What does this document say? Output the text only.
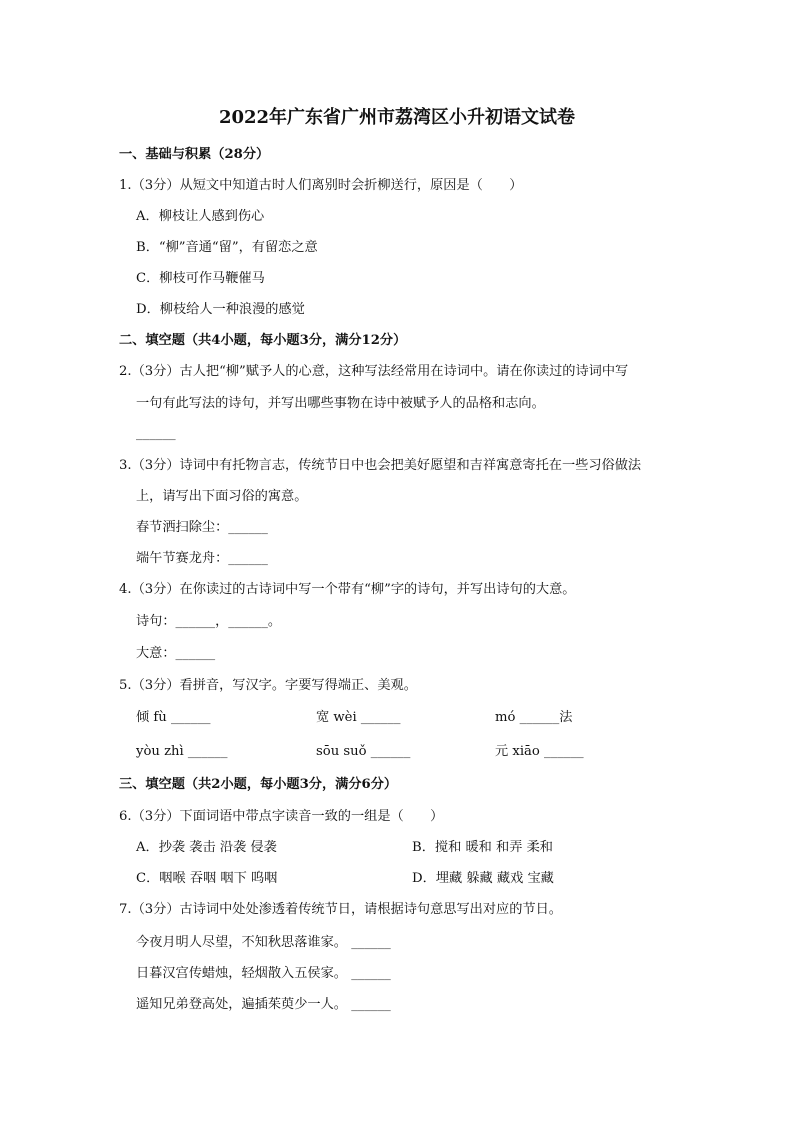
2022年广东省广州市荔湾区小升初语文试卷
一、基础与积累（28分）
1.（3分）从短文中知道古时人们离别时会折柳送行，原因是（　　）
A．柳枝让人感到伤心
B．“柳”音通“留”，有留恋之意
C．柳枝可作马鞭催马
D．柳枝给人一种浪漫的感觉
二、填空题（共4小题，每小题3分，满分12分）
2.（3分）古人把“柳”赋予人的心意，这种写法经常用在诗词中。请在你读过的诗词中写
一句有此写法的诗句，并写出哪些事物在诗中被赋予人的品格和志向。
______
3.（3分）诗词中有托物言志，传统节日中也会把美好愿望和吉祥寓意寄托在一些习俗做法
上，请写出下面习俗的寓意。
春节洒扫除尘：______
端午节赛龙舟：______
4.（3分）在你读过的古诗词中写一个带有“柳”字的诗句，并写出诗句的大意。
诗句：______，______。
大意：______
5.（3分）看拼音，写汉字。字要写得端正、美观。
倾 fù ______	宽 wèi ______	mó ______法
yòu zhì ______	sōu suǒ ______	元 xiāo ______
三、填空题（共2小题，每小题3分，满分6分）
6.（3分）下面词语中带点字读音一致的一组是（　　）
A．抄袭 袭击 沿袭 侵袭	B．搅和 暖和 和弄 柔和
C．咽喉 吞咽 咽下 呜咽	D．埋藏 躲藏 藏戏 宝藏
7.（3分）古诗词中处处渗透着传统节日，请根据诗句意思写出对应的节日。
今夜月明人尽望，不知秋思落谁家。 ______
日暮汉宫传蜡烛，轻烟散入五侯家。 ______
遥知兄弟登高处，遍插茱萸少一人。 ______
